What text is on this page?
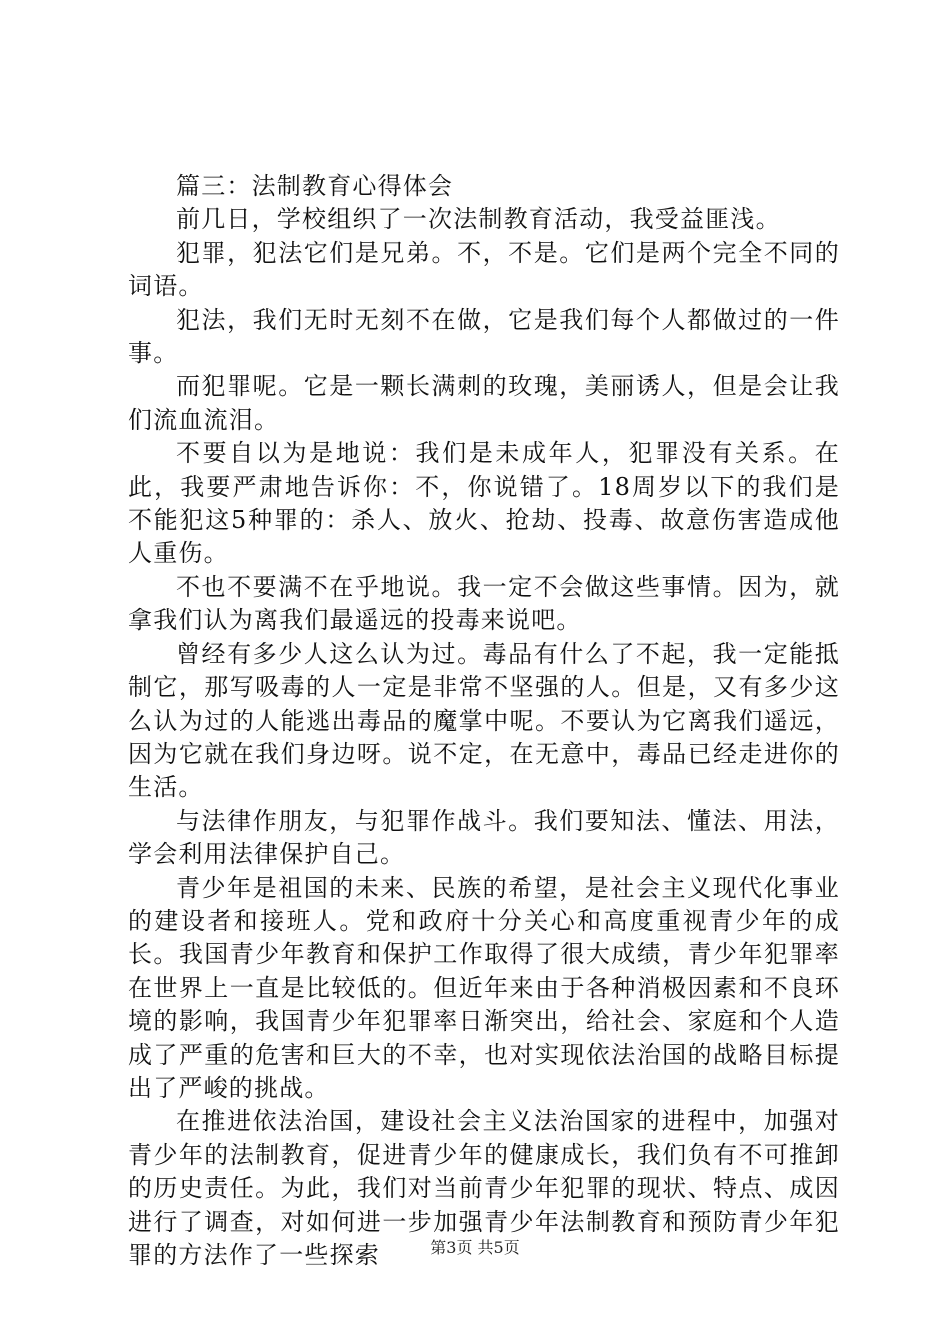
篇三：法制教育心得体会

前几日，学校组织了一次法制教育活动，我受益匪浅。

犯罪，犯法它们是兄弟。不，不是。它们是两个完全不同的词语。

犯法，我们无时无刻不在做，它是我们每个人都做过的一件事。

而犯罪呢。它是一颗长满刺的玫瑰，美丽诱人，但是会让我们流血流泪。

不要自以为是地说：我们是未成年人，犯罪没有关系。在此，我要严肃地告诉你：不，你说错了。18周岁以下的我们是不能犯这5种罪的：杀人、放火、抢劫、投毒、故意伤害造成他人重伤。

不也不要满不在乎地说。我一定不会做这些事情。因为，就拿我们认为离我们最遥远的投毒来说吧。

曾经有多少人这么认为过。毒品有什么了不起，我一定能抵制它，那写吸毒的人一定是非常不坚强的人。但是，又有多少这么认为过的人能逃出毒品的魔掌中呢。不要认为它离我们遥远，因为它就在我们身边呀。说不定，在无意中，毒品已经走进你的生活。

与法律作朋友，与犯罪作战斗。我们要知法、懂法、用法，学会利用法律保护自己。

青少年是祖国的未来、民族的希望，是社会主义现代化事业的建设者和接班人。党和政府十分关心和高度重视青少年的成长。我国青少年教育和保护工作取得了很大成绩，青少年犯罪率在世界上一直是比较低的。但近年来由于各种消极因素和不良环境的影响，我国青少年犯罪率日渐突出，给社会、家庭和个人造成了严重的危害和巨大的不幸，也对实现依法治国的战略目标提出了严峻的挑战。

在推进依法治国，建设社会主义法治国家的进程中，加强对青少年的法制教育，促进青少年的健康成长，我们负有不可推卸的历史责任。为此，我们对当前青少年犯罪的现状、特点、成因进行了调查，对如何进一步加强青少年法制教育和预防青少年犯罪的方法作了一些探索	第3页 共5页
